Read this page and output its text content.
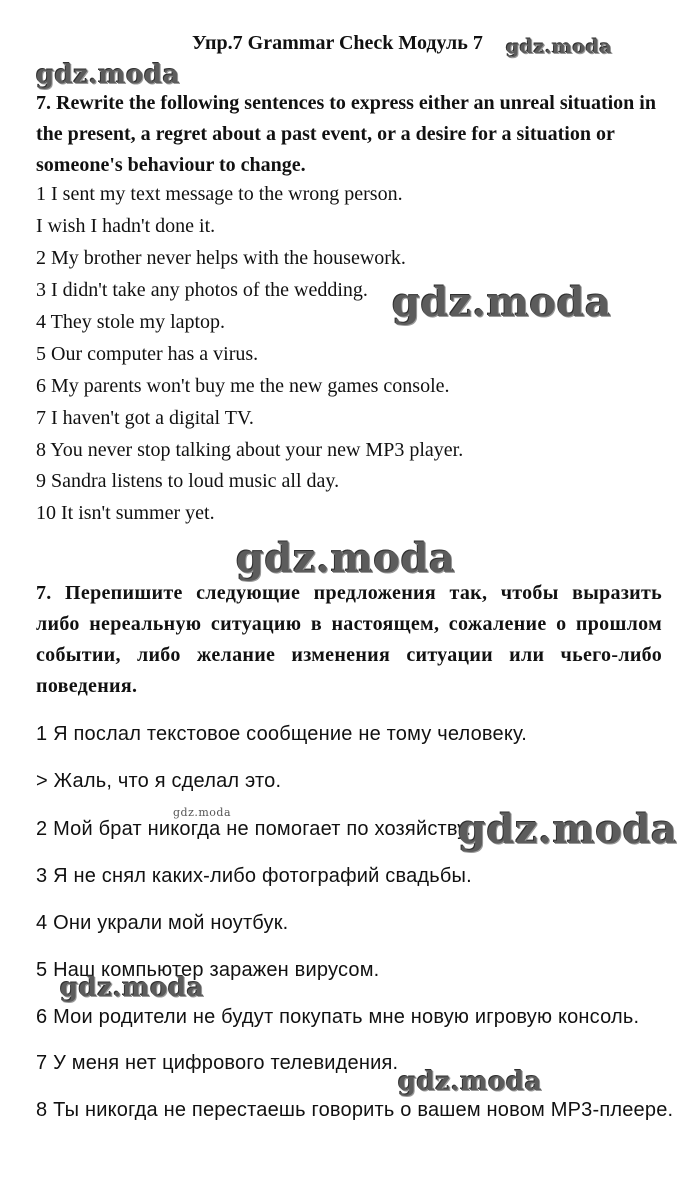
Упр.7 Grammar Check Модуль 7
7. Rewrite the following sentences to express either an unreal situation in the present, a regret about a past event, or a desire for a situation or someone's behaviour to change.
1 I sent my text message to the wrong person.
I wish I hadn't done it.
2 My brother never helps with the housework.
3 I didn't take any photos of the wedding.
4 They stole my laptop.
5 Our computer has a virus.
6 My parents won't buy me the new games console.
7 I haven't got a digital TV.
8 You never stop talking about your new MP3 player.
9 Sandra listens to loud music all day.
10 It isn't summer yet.
7. Перепишите следующие предложения так, чтобы выразить либо нереальную ситуацию в настоящем, сожаление о прошлом событии, либо желание изменения ситуации или чьего-либо поведения.
1 Я послал текстовое сообщение не тому человеку.
> Жаль, что я сделал это.
2 Мой брат никогда не помогает по хозяйству.
3 Я не снял каких-либо фотографий свадьбы.
4 Они украли мой ноутбук.
5 Наш компьютер заражен вирусом.
6 Мои родители не будут покупать мне новую игровую консоль.
7 У меня нет цифрового телевидения.
8 Ты никогда не перестаешь говорить о вашем новом MP3-плеере.
gdz.moda
gdz.moda
gdz.moda
gdz.moda
gdz.moda	gdz.moda
gdz.moda
gdz.moda
